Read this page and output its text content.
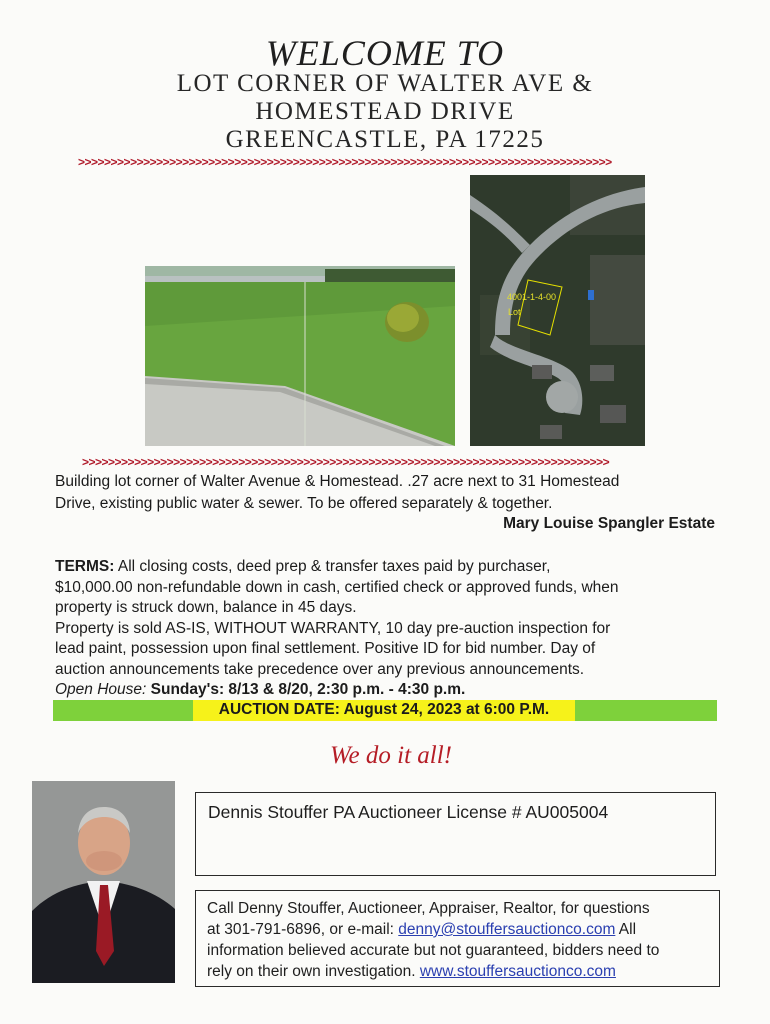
WELCOME TO
LOT CORNER OF WALTER AVE &
HOMESTEAD DRIVE
GREENCASTLE, PA 17225
>>>>>>>>>>>>>>>>>>>>>>>>>>>>>>>>>>>>>>>>>>>>>>>>>>>>>>>>>>>>>>>>>>>>>>>>>>>>>>>>>>
4001-1-4-00
Lot
>>>>>>>>>>>>>>>>>>>>>>>>>>>>>>>>>>>>>>>>>>>>>>>>>>>>>>>>>>>>>>>>>>>>>>>>>>>>>>>>>
Building lot corner of Walter Avenue & Homestead. .27 acre next to 31 Homestead
Drive, existing public water & sewer. To be offered separately & together.
Mary Louise Spangler Estate
TERMS: All closing costs, deed prep & transfer taxes paid by purchaser,
$10,000.00 non-refundable down in cash, certified check or approved funds, when
property is struck down, balance in 45 days.
Property is sold AS-IS, WITHOUT WARRANTY, 10 day pre-auction inspection for
lead paint, possession upon final settlement. Positive ID for bid number. Day of
auction announcements take precedence over any previous announcements.
Open House: Sunday's: 8/13 & 8/20, 2:30 p.m. - 4:30 p.m.
AUCTION DATE: August 24, 2023 at 6:00 P.M.
We do it all!
Dennis Stouffer PA Auctioneer License # AU005004
Call Denny Stouffer, Auctioneer, Appraiser, Realtor, for questions
at 301-791-6896, or e-mail: denny@stouffersauctionco.com All
information believed accurate but not guaranteed, bidders need to
rely on their own investigation. www.stouffersauctionco.com
